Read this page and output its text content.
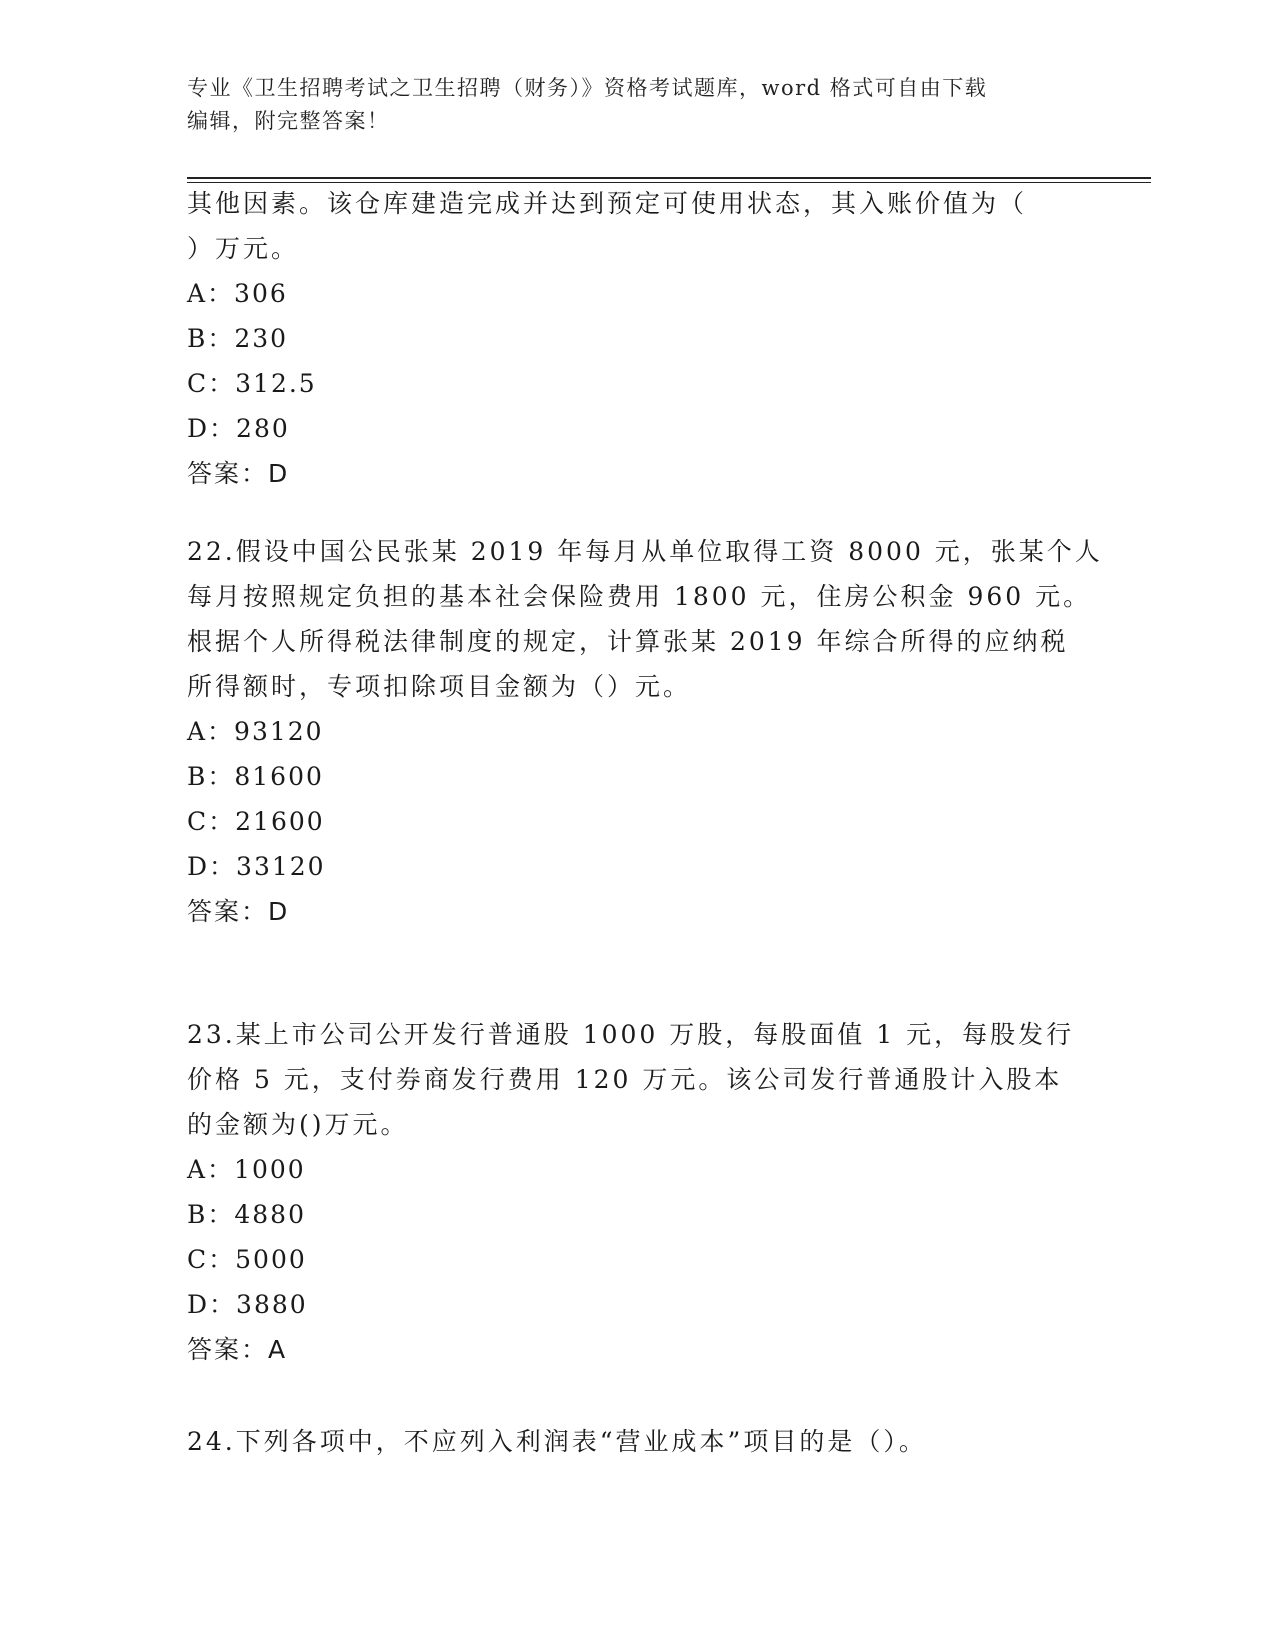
专业《卫生招聘考试之卫生招聘（财务）》资格考试题库，word 格式可自由下载
编辑，附完整答案！
其他因素。该仓库建造完成并达到预定可使用状态，其入账价值为（
）万元。
A：306
B：230
C：312.5
D：280
答案：D
22.假设中国公民张某 2019 年每月从单位取得工资 8000 元，张某个人
每月按照规定负担的基本社会保险费用 1800 元，住房公积金 960 元。
根据个人所得税法律制度的规定，计算张某 2019 年综合所得的应纳税
所得额时，专项扣除项目金额为（）元。
A：93120
B：81600
C：21600
D：33120
答案：D
23.某上市公司公开发行普通股 1000 万股，每股面值 1 元，每股发行
价格 5 元，支付券商发行费用 120 万元。该公司发行普通股计入股本
的金额为()万元。
A：1000
B：4880
C：5000
D：3880
答案：A
24.下列各项中，不应列入利润表“营业成本”项目的是（）。
